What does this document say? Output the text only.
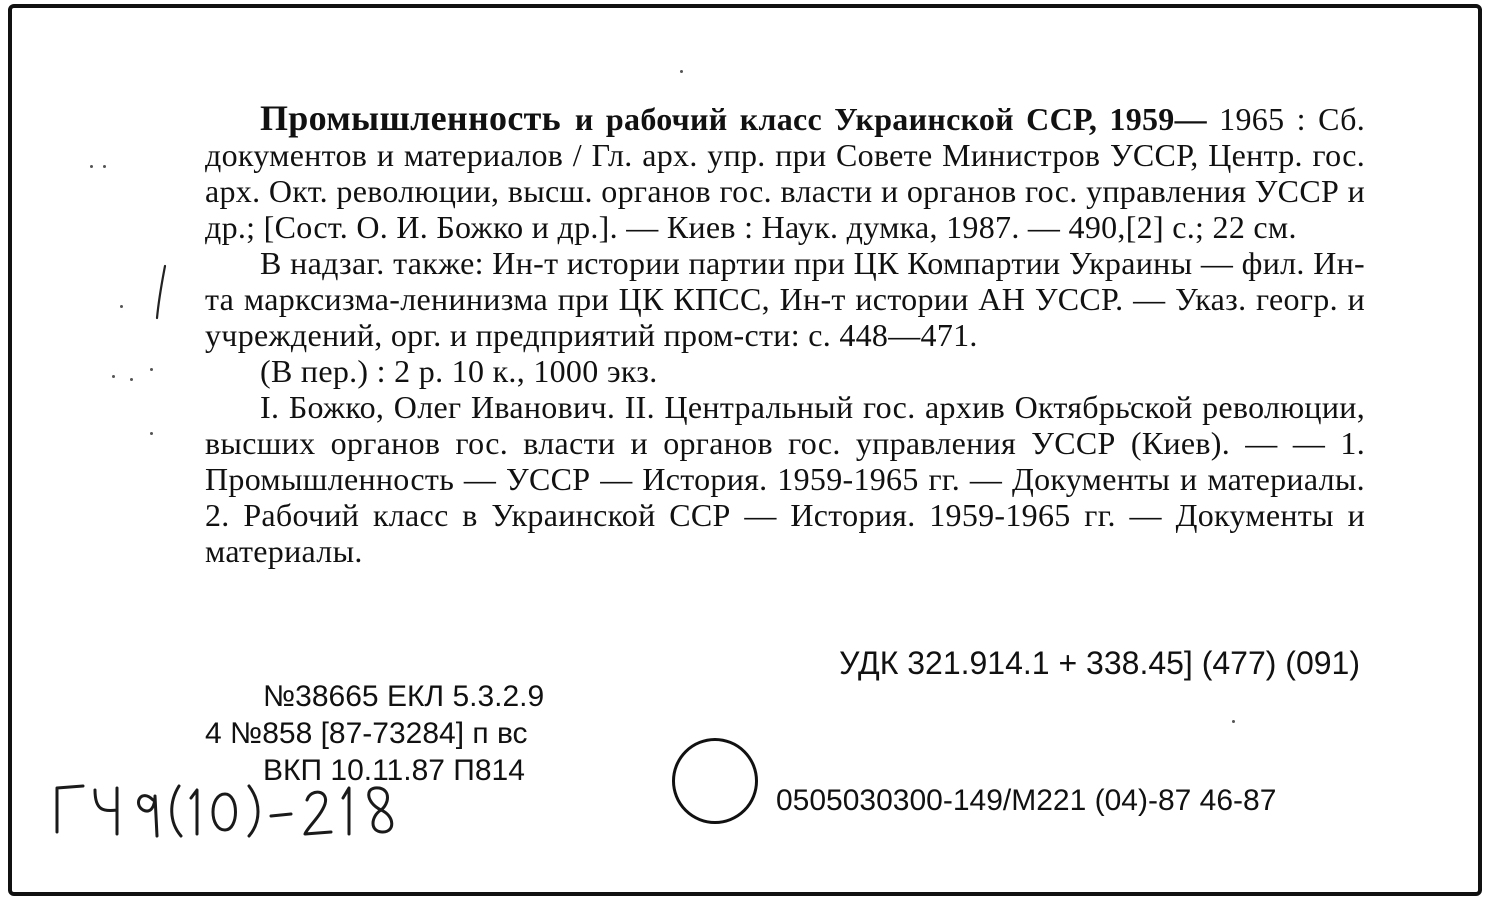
Промышленность и рабочий класс Украинской ССР, 1959— 1965 : Сб. документов и материалов / Гл. арх. упр. при Совете Министров УССР, Центр. гос. арх. Окт. революции, высш. органов гос. власти и органов гос. управления УССР и др.; [Сост. О. И. Божко и др.]. — Киев : Наук. думка, 1987. — 490,[2] с.; 22 см.

В надзаг. также: Ин-т истории партии при ЦК Компартии Украины — фил. Ин-та марксизма-ленинизма при ЦК КПСС, Ин-т истории АН УССР. — Указ. геогр. и учреждений, орг. и предприятий пром-сти: с. 448—471.

(В пер.) : 2 р. 10 к., 1000 экз.

I. Божко, Олег Иванович. II. Центральный гос. архив Октябрьской революции, высших органов гос. власти и органов гос. управления УССР (Киев). — — 1. Промышленность — УССР — История. 1959-1965 гг. — Документы и материалы. 2. Рабочий класс в Украинской ССР — История. 1959-1965 гг. — Документы и материалы.

УДК 321.914.1 + 338.45] (477) (091)
№38665 ЕКЛ 5.3.2.9
4 №858 [87-73284] п вс
ВКП 10.11.87 П814
0505030300-149/М221 (04)-87 46-87
